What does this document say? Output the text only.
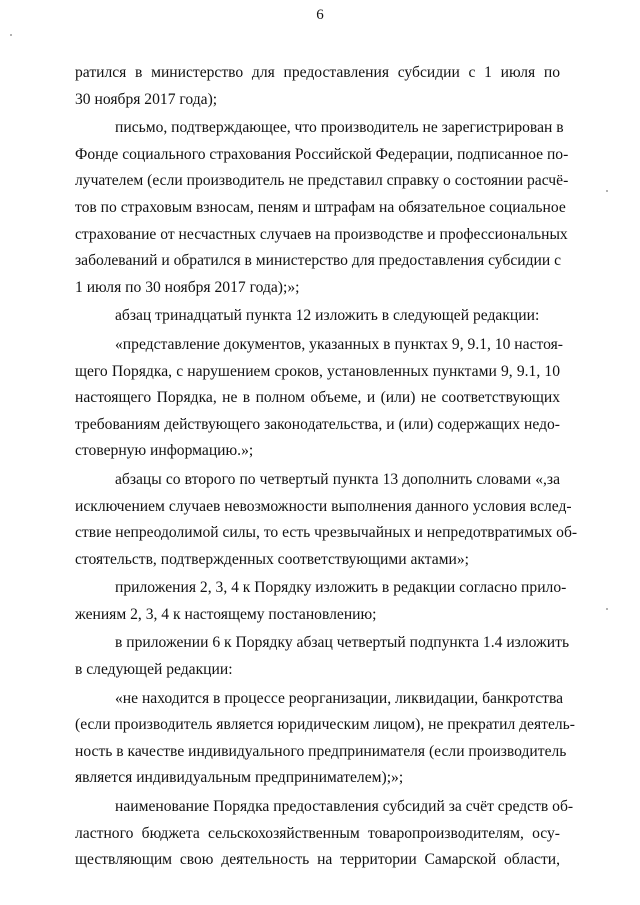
6
ратился в министерство для предоставления субсидии с 1 июля по
30 ноября 2017 года);
письмо, подтверждающее, что производитель не зарегистрирован в
Фонде социального страхования Российской Федерации, подписанное по-
лучателем (если производитель не представил справку о состоянии расчё-
тов по страховым взносам, пеням и штрафам на обязательное социальное
страхование от несчастных случаев на производстве и профессиональных
заболеваний и обратился в министерство для предоставления субсидии с
1 июля по 30 ноября 2017 года);»;
абзац тринадцатый пункта 12 изложить в следующей редакции:
«представление документов, указанных в пунктах 9, 9.1, 10 настоя-
щего Порядка, с нарушением сроков, установленных пунктами 9, 9.1, 10
настоящего Порядка, не в полном объеме, и (или) не соответствующих
требованиям действующего законодательства, и (или) содержащих недо-
стоверную информацию.»;
абзацы со второго по четвертый пункта 13 дополнить словами «,за
исключением случаев невозможности выполнения данного условия вслед-
ствие непреодолимой силы, то есть чрезвычайных и непредотвратимых об-
стоятельств, подтвержденных соответствующими актами»;
приложения 2, 3, 4 к Порядку изложить в редакции согласно прило-
жениям 2, 3, 4 к настоящему постановлению;
в приложении 6 к Порядку абзац четвертый подпункта 1.4 изложить
в следующей редакции:
«не находится в процессе реорганизации, ликвидации, банкротства
(если производитель является юридическим лицом), не прекратил деятель-
ность в качестве индивидуального предпринимателя (если производитель
является индивидуальным предпринимателем);»;
наименование Порядка предоставления субсидий за счёт средств об-
ластного бюджета сельскохозяйственным товаропроизводителям, осу-
ществляющим свою деятельность на территории Самарской области,
